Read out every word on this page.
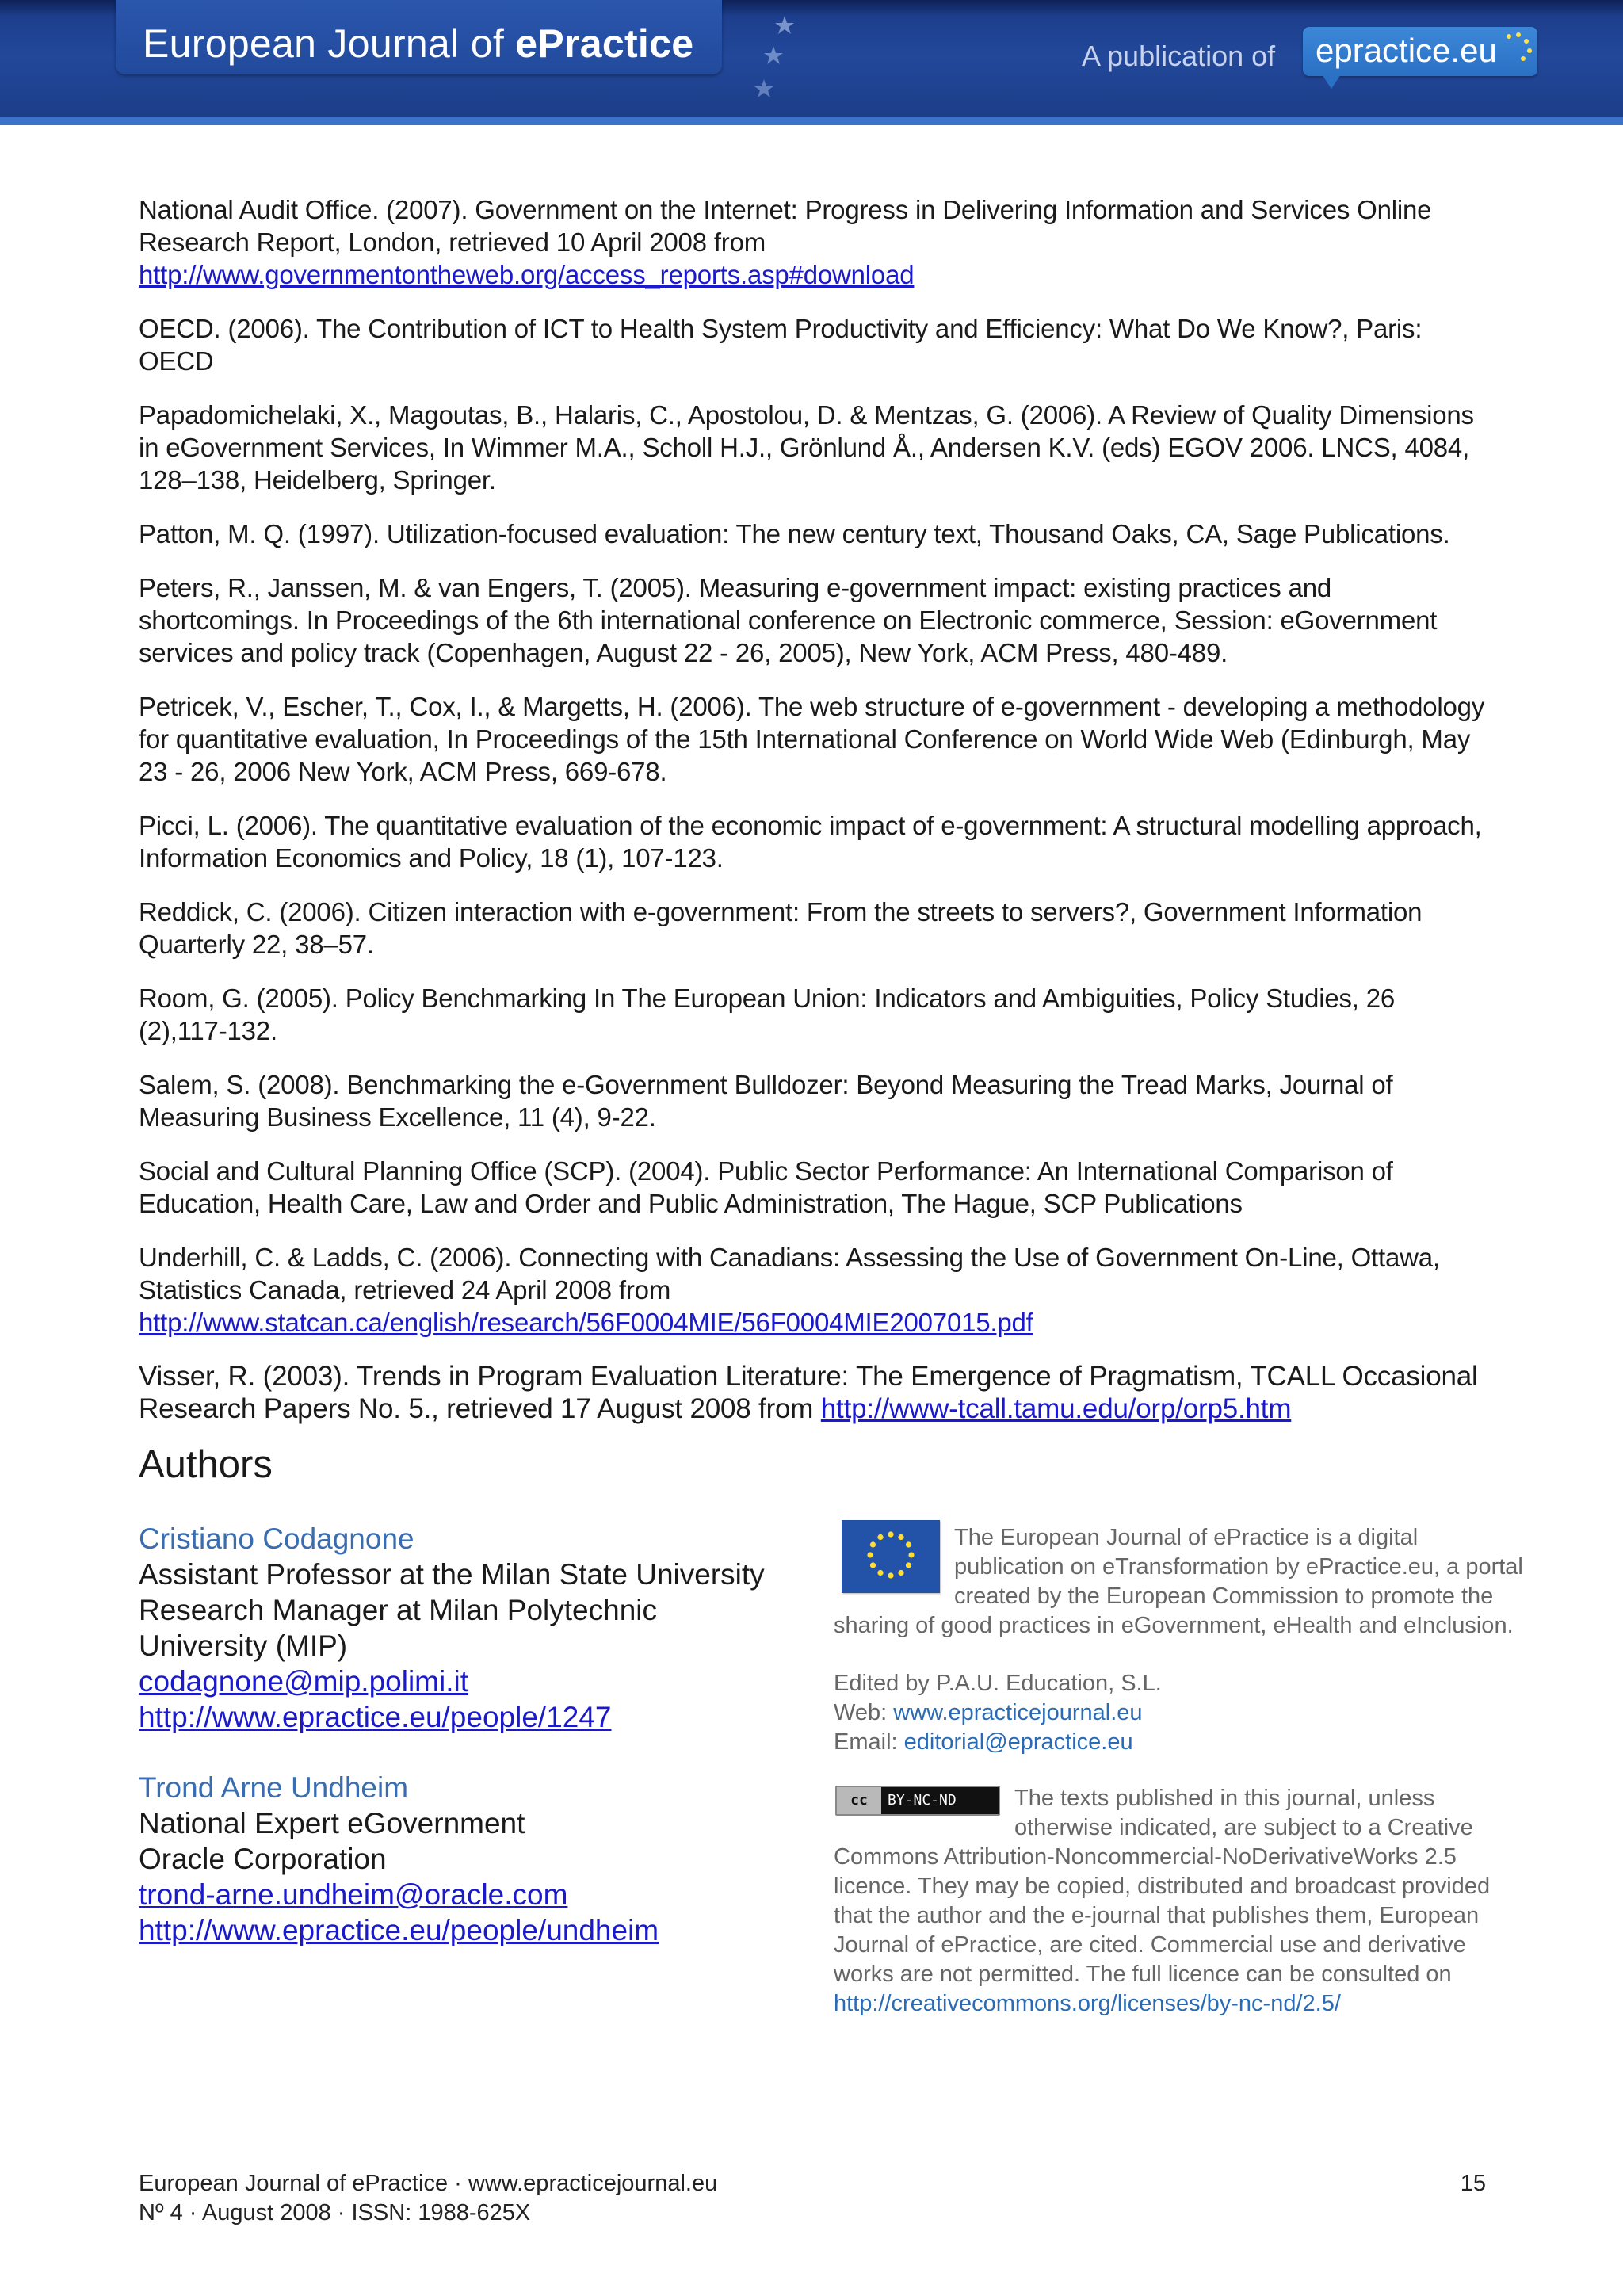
European Journal of ePractice	A publication of epractice.eu

National Audit Office. (2007). Government on the Internet: Progress in Delivering Information and Services Online Research Report, London, retrieved 10 April 2008 from http://www.governmentontheweb.org/access_reports.asp#download

OECD. (2006). The Contribution of ICT to Health System Productivity and Efficiency: What Do We Know?, Paris: OECD

Papadomichelaki, X., Magoutas, B., Halaris, C., Apostolou, D. & Mentzas, G. (2006). A Review of Quality Dimensions in eGovernment Services, In Wimmer M.A., Scholl H.J., Grönlund Å., Andersen K.V. (eds) EGOV 2006. LNCS, 4084, 128–138, Heidelberg, Springer.

Patton, M. Q. (1997). Utilization-focused evaluation: The new century text, Thousand Oaks, CA, Sage Publications.

Peters, R., Janssen, M. & van Engers, T. (2005). Measuring e-government impact: existing practices and shortcomings. In Proceedings of the 6th international conference on Electronic commerce, Session: eGovernment services and policy track (Copenhagen, August 22 - 26, 2005), New York, ACM Press, 480-489.

Petricek, V., Escher, T., Cox, I., & Margetts, H. (2006). The web structure of e-government - developing a methodology for quantitative evaluation, In Proceedings of the 15th International Conference on World Wide Web (Edinburgh, May 23 - 26, 2006 New York, ACM Press, 669-678.

Picci, L. (2006). The quantitative evaluation of the economic impact of e-government: A structural modelling approach, Information Economics and Policy, 18 (1), 107-123.

Reddick, C. (2006). Citizen interaction with e-government: From the streets to servers?, Government Information Quarterly 22, 38–57.

Room, G. (2005). Policy Benchmarking In The European Union: Indicators and Ambiguities, Policy Studies, 26 (2),117-132.

Salem, S. (2008). Benchmarking the e-Government Bulldozer: Beyond Measuring the Tread Marks, Journal of Measuring Business Excellence, 11 (4), 9-22.

Social and Cultural Planning Office (SCP). (2004). Public Sector Performance: An International Comparison of Education, Health Care, Law and Order and Public Administration, The Hague, SCP Publications

Underhill, C. & Ladds, C. (2006). Connecting with Canadians: Assessing the Use of Government On-Line, Ottawa, Statistics Canada, retrieved 24 April 2008 from http://www.statcan.ca/english/research/56F0004MIE/56F0004MIE2007015.pdf

Visser, R. (2003). Trends in Program Evaluation Literature: The Emergence of Pragmatism, TCALL Occasional Research Papers No. 5., retrieved 17 August 2008 from http://www-tcall.tamu.edu/orp/orp5.htm

Authors
Cristiano Codagnone
Assistant Professor at the Milan State University
Research Manager at Milan Polytechnic University (MIP)
codagnone@mip.polimi.it
http://www.epractice.eu/people/1247
Trond Arne Undheim
National Expert eGovernment
Oracle Corporation
trond-arne.undheim@oracle.com
http://www.epractice.eu/people/undheim
The European Journal of ePractice is a digital publication on eTransformation by ePractice.eu, a portal created by the European Commission to promote the sharing of good practices in eGovernment, eHealth and eInclusion.
Edited by P.A.U. Education, S.L.
Web: www.epracticejournal.eu
Email: editorial@epractice.eu
cc BY-NC-ND	The texts published in this journal, unless otherwise indicated, are subject to a Creative Commons Attribution-Noncommercial-NoDerivativeWorks 2.5 licence. They may be copied, distributed and broadcast provided that the author and the e-journal that publishes them, European Journal of ePractice, are cited. Commercial use and derivative works are not permitted. The full licence can be consulted on http://creativecommons.org/licenses/by-nc-nd/2.5/
European Journal of ePractice · www.epracticejournal.eu
Nº 4 · August 2008 · ISSN: 1988-625X
15
